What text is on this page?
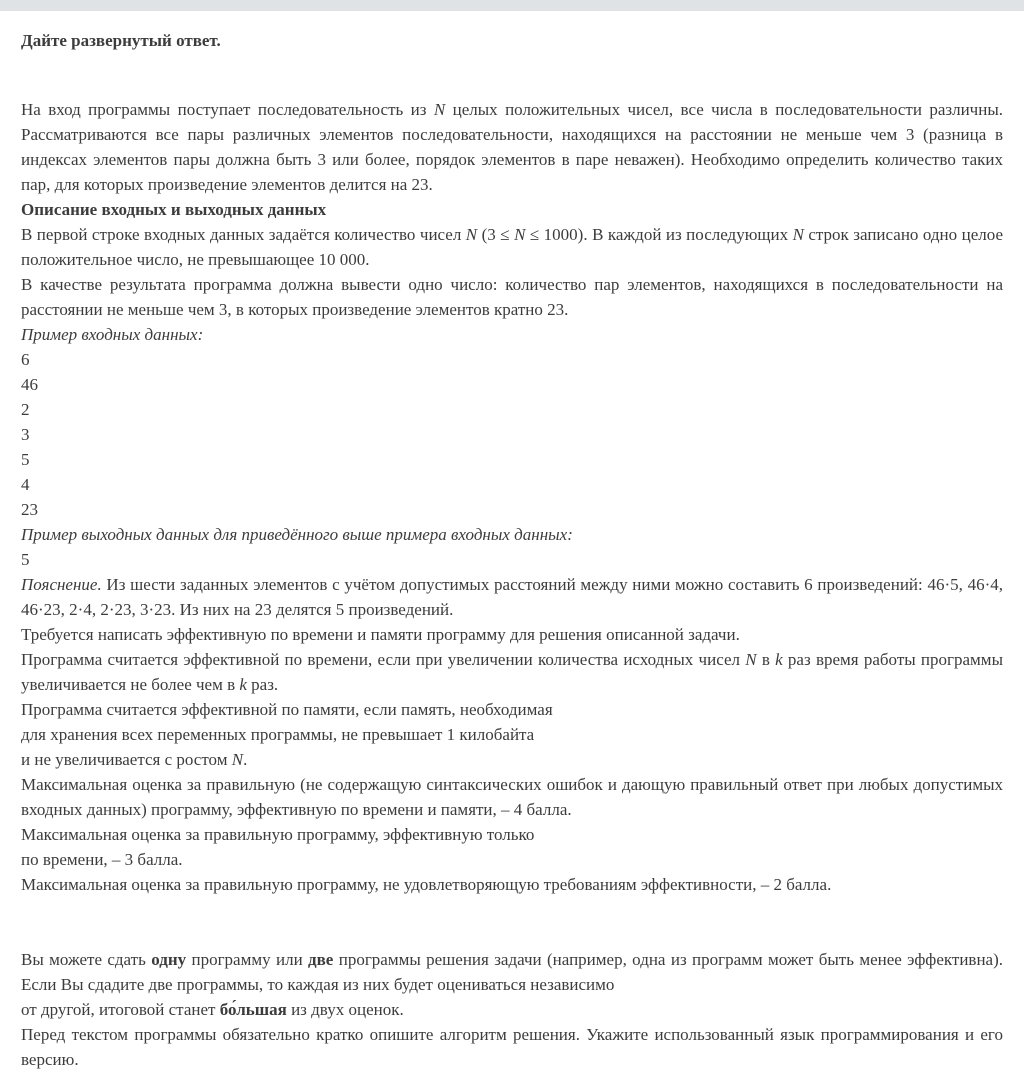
Дайте развернутый ответ.

На вход программы поступает последовательность из N целых положительных чисел, все числа в последовательности различны. Рассматриваются все пары различных элементов последовательности, находящихся на расстоянии не меньше чем 3 (разница в индексах элементов пары должна быть 3 или более, порядок элементов в паре неважен). Необходимо определить количество таких пар, для которых произведение элементов делится на 23.

Описание входных и выходных данных

В первой строке входных данных задаётся количество чисел N (3 ≤ N ≤ 1000). В каждой из последующих N строк записано одно целое положительное число, не превышающее 10 000.

В качестве результата программа должна вывести одно число: количество пар элементов, находящихся в последовательности на расстоянии не меньше чем 3, в которых произведение элементов кратно 23.

Пример входных данных:

6

46

2

3

5

4

23

Пример выходных данных для приведённого выше примера входных данных:

5

Пояснение. Из шести заданных элементов с учётом допустимых расстояний между ними можно составить 6 произведений: 46·5, 46·4, 46·23, 2·4, 2·23, 3·23. Из них на 23 делятся 5 произведений.

Требуется написать эффективную по времени и памяти программу для решения описанной задачи.

Программа считается эффективной по времени, если при увеличении количества исходных чисел N в k раз время работы программы увеличивается не более чем в k раз.

Программа считается эффективной по памяти, если память, необходимая
для хранения всех переменных программы, не превышает 1 килобайта
и не увеличивается с ростом N.

Максимальная оценка за правильную (не содержащую синтаксических ошибок и дающую правильный ответ при любых допустимых входных данных) программу, эффективную по времени и памяти, – 4 балла.

Максимальная оценка за правильную программу, эффективную только
по времени, – 3 балла.

Максимальная оценка за правильную программу, не удовлетворяющую требованиям эффективности, – 2 балла.

Вы можете сдать одну программу или две программы решения задачи (например, одна из программ может быть менее эффективна). Если Вы сдадите две программы, то каждая из них будет оцениваться независимо
от другой, итоговой станет бо́льшая из двух оценок.

Перед текстом программы обязательно кратко опишите алгоритм решения. Укажите использованный язык программирования и его версию.
